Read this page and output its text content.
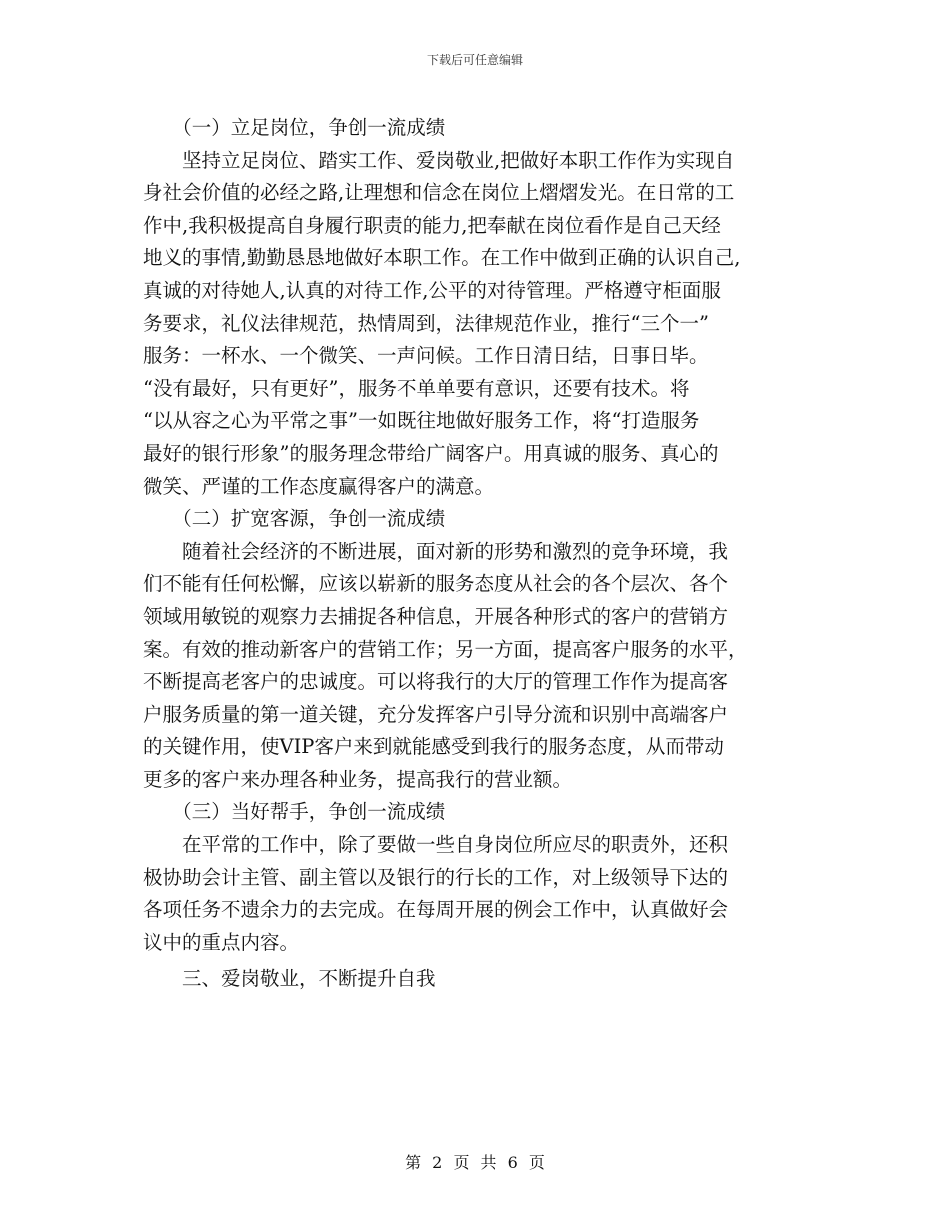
下载后可任意编辑
　　（一）立足岗位，争创一流成绩
　　坚持立足岗位、踏实工作、爱岗敬业,把做好本职工作作为实现自
身社会价值的必经之路,让理想和信念在岗位上熠熠发光。在日常的工
作中,我积极提高自身履行职责的能力,把奉献在岗位看作是自己天经
地义的事情,勤勤恳恳地做好本职工作。在工作中做到正确的认识自己,
真诚的对待她人,认真的对待工作,公平的对待管理。严格遵守柜面服
务要求，礼仪法律规范，热情周到，法律规范作业，推行“三个一”
服务：一杯水、一个微笑、一声问候。工作日清日结，日事日毕。
“没有最好，只有更好”，服务不单单要有意识，还要有技术。将
“以从容之心为平常之事”一如既往地做好服务工作，将“打造服务
最好的银行形象”的服务理念带给广阔客户。用真诚的服务、真心的
微笑、严谨的工作态度赢得客户的满意。
　　（二）扩宽客源，争创一流成绩
　　随着社会经济的不断进展，面对新的形势和激烈的竞争环境，我
们不能有任何松懈，应该以崭新的服务态度从社会的各个层次、各个
领域用敏锐的观察力去捕捉各种信息，开展各种形式的客户的营销方
案。有效的推动新客户的营销工作；另一方面，提高客户服务的水平，
不断提高老客户的忠诚度。可以将我行的大厅的管理工作作为提高客
户服务质量的第一道关键，充分发挥客户引导分流和识别中高端客户
的关键作用，使VIP客户来到就能感受到我行的服务态度，从而带动
更多的客户来办理各种业务，提高我行的营业额。
　　（三）当好帮手，争创一流成绩
　　在平常的工作中，除了要做一些自身岗位所应尽的职责外，还积
极协助会计主管、副主管以及银行的行长的工作，对上级领导下达的
各项任务不遗余力的去完成。在每周开展的例会工作中，认真做好会
议中的重点内容。
　　三、爱岗敬业，不断提升自我
第 2 页 共 6 页
